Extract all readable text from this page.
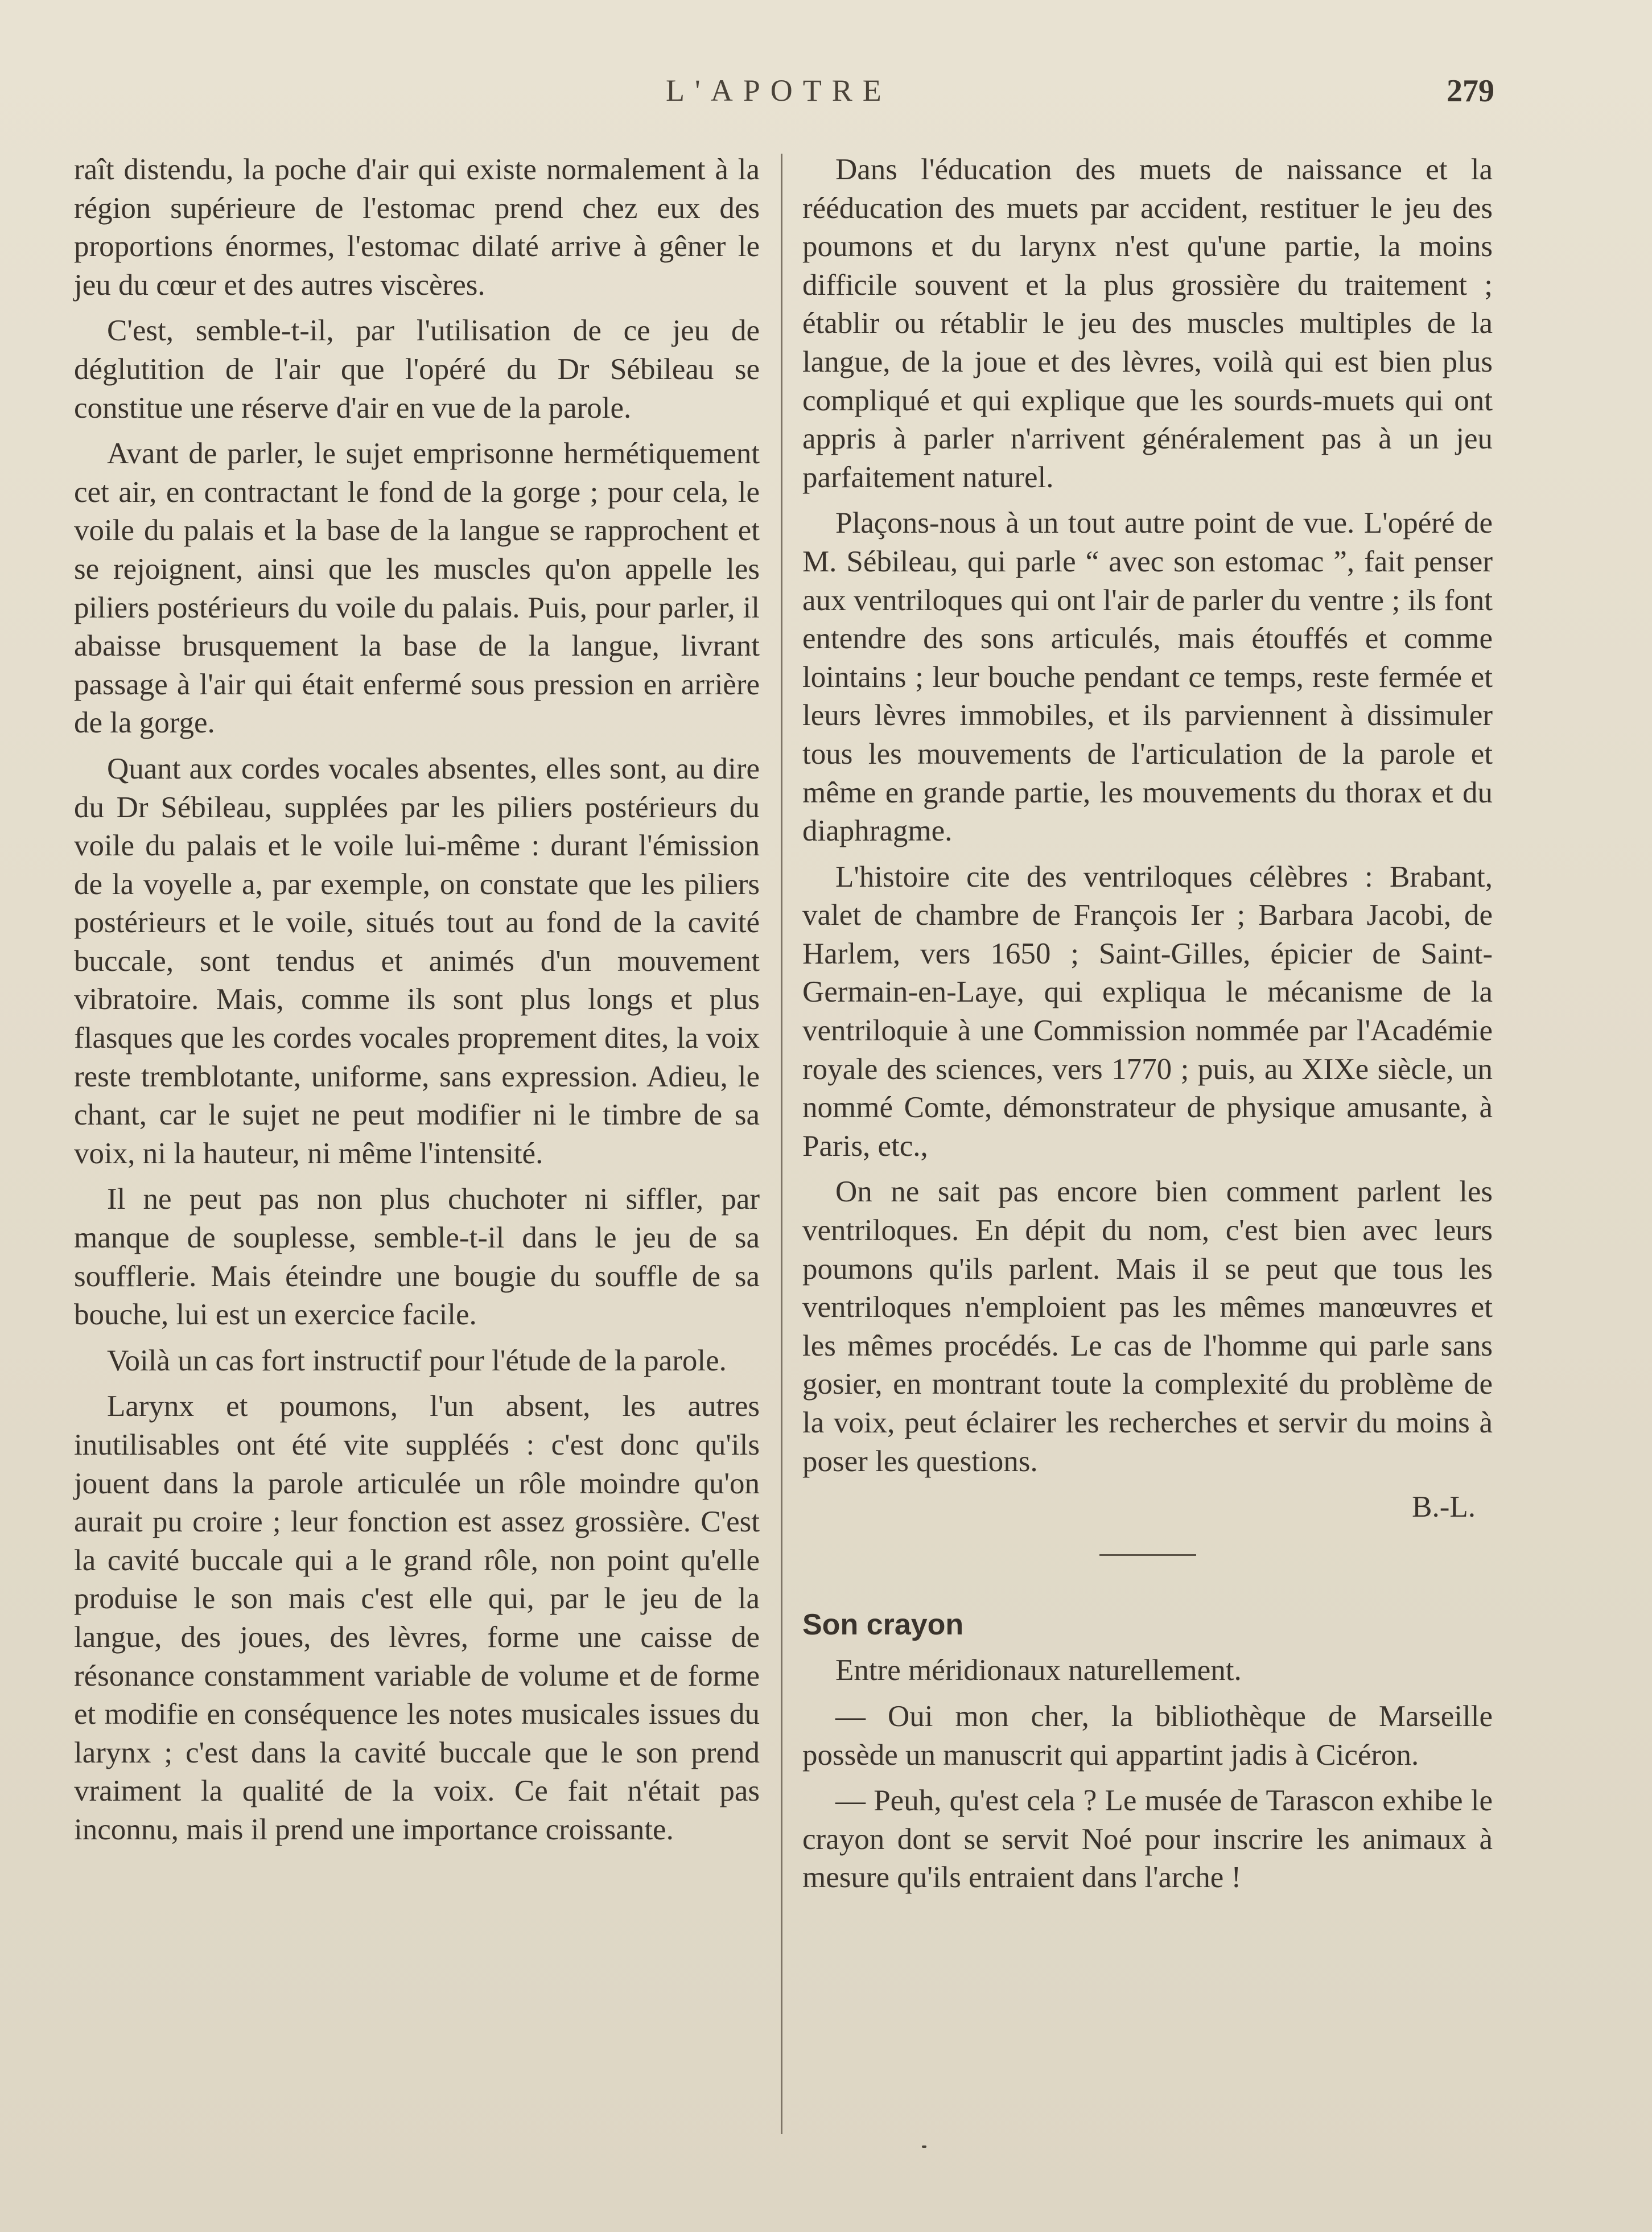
L'APOTRE	279

raît distendu, la poche d'air qui existe normalement à la région supérieure de l'estomac prend chez eux des proportions énormes, l'estomac dilaté arrive à gêner le jeu du cœur et des autres viscères.

C'est, semble-t-il, par l'utilisation de ce jeu de déglutition de l'air que l'opéré du Dr Sébileau se constitue une réserve d'air en vue de la parole.

Avant de parler, le sujet emprisonne hermétiquement cet air, en contractant le fond de la gorge ; pour cela, le voile du palais et la base de la langue se rapprochent et se rejoignent, ainsi que les muscles qu'on appelle les piliers postérieurs du voile du palais. Puis, pour parler, il abaisse brusquement la base de la langue, livrant passage à l'air qui était enfermé sous pression en arrière de la gorge.

Quant aux cordes vocales absentes, elles sont, au dire du Dr Sébileau, supplées par les piliers postérieurs du voile du palais et le voile lui-même : durant l'émission de la voyelle a, par exemple, on constate que les piliers postérieurs et le voile, situés tout au fond de la cavité buccale, sont tendus et animés d'un mouvement vibratoire. Mais, comme ils sont plus longs et plus flasques que les cordes vocales proprement dites, la voix reste tremblotante, uniforme, sans expression. Adieu, le chant, car le sujet ne peut modifier ni le timbre de sa voix, ni la hauteur, ni même l'intensité.

Il ne peut pas non plus chuchoter ni siffler, par manque de souplesse, semble-t-il dans le jeu de sa soufflerie. Mais éteindre une bougie du souffle de sa bouche, lui est un exercice facile.

Voilà un cas fort instructif pour l'étude de la parole.

Larynx et poumons, l'un absent, les autres inutilisables ont été vite suppléés : c'est donc qu'ils jouent dans la parole articulée un rôle moindre qu'on aurait pu croire ; leur fonction est assez grossière. C'est la cavité buccale qui a le grand rôle, non point qu'elle produise le son mais c'est elle qui, par le jeu de la langue, des joues, des lèvres, forme une caisse de résonance constamment variable de volume et de forme et modifie en conséquence les notes musicales issues du larynx ; c'est dans la cavité buccale que le son prend vraiment la qualité de la voix. Ce fait n'était pas inconnu, mais il prend une importance croissante.

Dans l'éducation des muets de naissance et la rééducation des muets par accident, restituer le jeu des poumons et du larynx n'est qu'une partie, la moins difficile souvent et la plus grossière du traitement ; établir ou rétablir le jeu des muscles multiples de la langue, de la joue et des lèvres, voilà qui est bien plus compliqué et qui explique que les sourds-muets qui ont appris à parler n'arrivent généralement pas à un jeu parfaitement naturel.

Plaçons-nous à un tout autre point de vue. L'opéré de M. Sébileau, qui parle “ avec son estomac ”, fait penser aux ventriloques qui ont l'air de parler du ventre ; ils font entendre des sons articulés, mais étouffés et comme lointains ; leur bouche pendant ce temps, reste fermée et leurs lèvres immobiles, et ils parviennent à dissimuler tous les mouvements de l'articulation de la parole et même en grande partie, les mouvements du thorax et du diaphragme.

L'histoire cite des ventriloques célèbres : Brabant, valet de chambre de François Ier ; Barbara Jacobi, de Harlem, vers 1650 ; Saint-Gilles, épicier de Saint-Germain-en-Laye, qui expliqua le mécanisme de la ventriloquie à une Commission nommée par l'Académie royale des sciences, vers 1770 ; puis, au XIXe siècle, un nommé Comte, démonstrateur de physique amusante, à Paris, etc.,

On ne sait pas encore bien comment parlent les ventriloques. En dépit du nom, c'est bien avec leurs poumons qu'ils parlent. Mais il se peut que tous les ventriloques n'emploient pas les mêmes manœuvres et les mêmes procédés. Le cas de l'homme qui parle sans gosier, en montrant toute la complexité du problème de la voix, peut éclairer les recherches et servir du moins à poser les questions.

B.-L.

Son crayon

Entre méridionaux naturellement.

— Oui mon cher, la bibliothèque de Marseille possède un manuscrit qui appartint jadis à Cicéron.

— Peuh, qu'est cela ? Le musée de Tarascon exhibe le crayon dont se servit Noé pour inscrire les animaux à mesure qu'ils entraient dans l'arche !
